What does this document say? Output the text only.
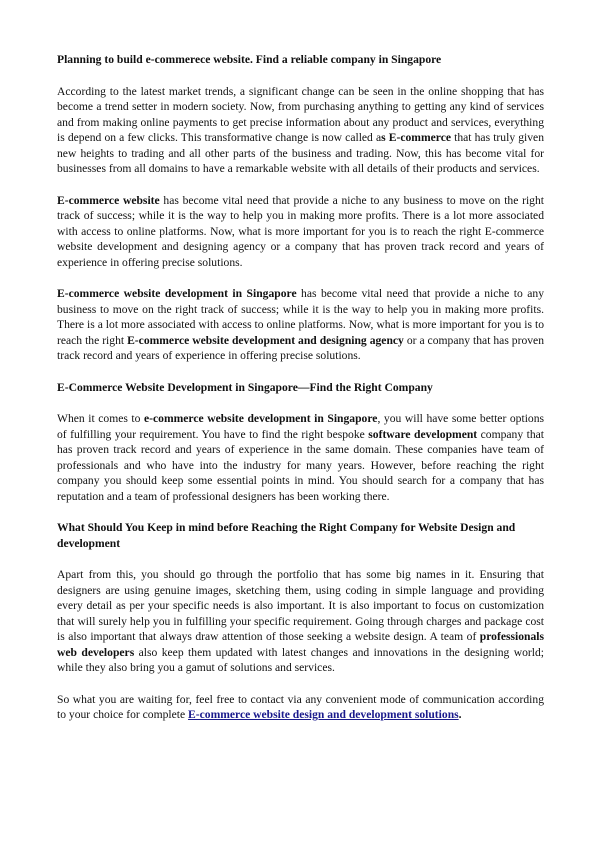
Planning to build e-commerece website. Find a reliable company in Singapore
According to the latest market trends, a significant change can be seen in the online shopping that has become a trend setter in modern society. Now, from purchasing anything to getting any kind of services and from making online payments to get precise information about any product and services, everything is depend on a few clicks. This transformative change is now called as E-commerce that has truly given new heights to trading and all other parts of the business and trading. Now, this has become vital for businesses from all domains to have a remarkable website with all details of their products and services.
E-commerce website has become vital need that provide a niche to any business to move on the right track of success; while it is the way to help you in making more profits. There is a lot more associated with access to online platforms. Now, what is more important for you is to reach the right E-commerce website development and designing agency or a company that has proven track record and years of experience in offering precise solutions.
E-commerce website development in Singapore has become vital need that provide a niche to any business to move on the right track of success; while it is the way to help you in making more profits. There is a lot more associated with access to online platforms. Now, what is more important for you is to reach the right E-commerce website development and designing agency or a company that has proven track record and years of experience in offering precise solutions.
E-Commerce Website Development in Singapore—Find the Right Company
When it comes to e-commerce website development in Singapore, you will have some better options of fulfilling your requirement. You have to find the right bespoke software development company that has proven track record and years of experience in the same domain. These companies have team of professionals and who have into the industry for many years. However, before reaching the right company you should keep some essential points in mind. You should search for a company that has reputation and a team of professional designers has been working there.
What Should You Keep in mind before Reaching the Right Company for Website Design and development
Apart from this, you should go through the portfolio that has some big names in it. Ensuring that designers are using genuine images, sketching them, using coding in simple language and providing every detail as per your specific needs is also important. It is also important to focus on customization that will surely help you in fulfilling your specific requirement. Going through charges and package cost is also important that always draw attention of those seeking a website design. A team of professionals web developers also keep them updated with latest changes and innovations in the designing world; while they also bring you a gamut of solutions and services.
So what you are waiting for, feel free to contact via any convenient mode of communication according to your choice for complete E-commerce website design and development solutions.
